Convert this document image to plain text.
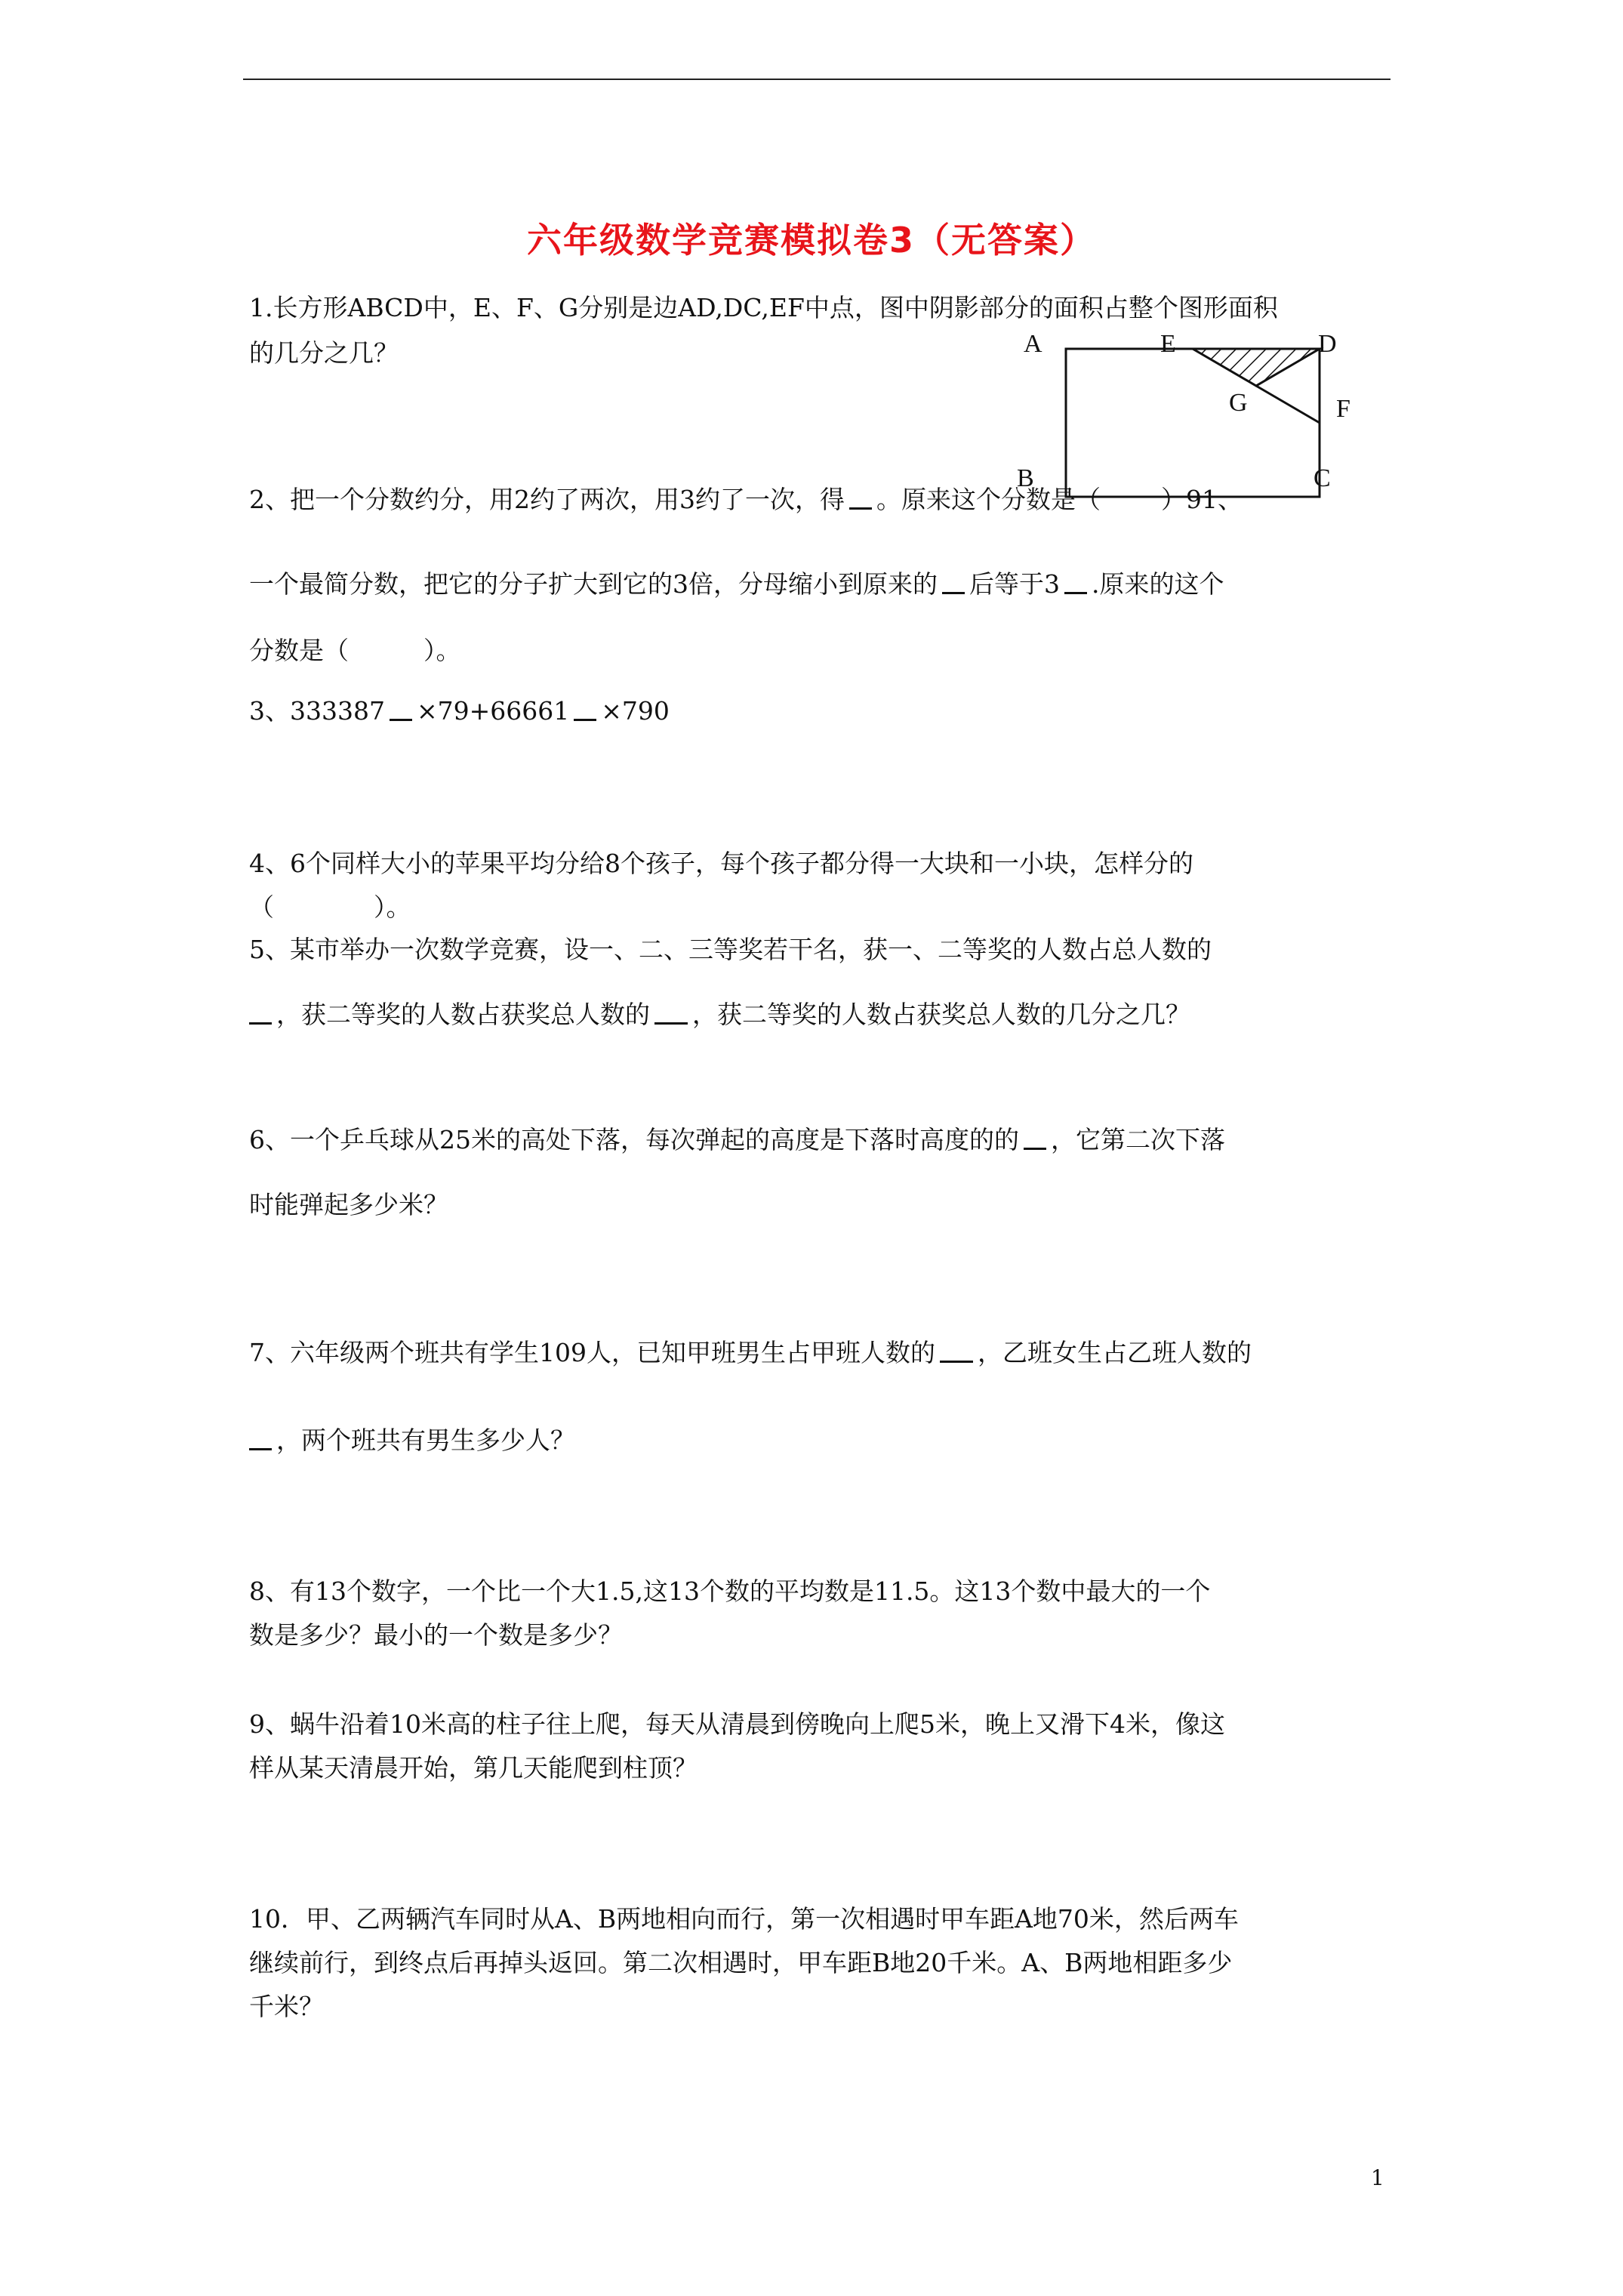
六年级数学竞赛模拟卷3（无答案）
1.长方形ABCD中，E、F、G分别是边AD,DC,EF中点，图中阴影部分的面积占整个图形面积
的几分之几？	A	E	D
G	F
B	C
2、把一个分数约分，用2约了两次，用3约了一次，得 。原来这个分数是（ ）91、
一个最简分数，把它的分子扩大到它的3倍，分母缩小到原来的 后等于3 .原来的这个
分数是（　　　）。
3、333387 ×79+66661 ×790
4、6个同样大小的苹果平均分给8个孩子，每个孩子都分得一大块和一小块，怎样分的
（　　　　）。
5、某市举办一次数学竞赛，设一、二、三等奖若干名，获一、二等奖的人数占总人数的
，获二等奖的人数占获奖总人数的 ，获二等奖的人数占获奖总人数的几分之几？
6、一个乒乓球从25米的高处下落，每次弹起的高度是下落时高度的的 ，它第二次下落
时能弹起多少米？
7、六年级两个班共有学生109人，已知甲班男生占甲班人数的 ，乙班女生占乙班人数的
，两个班共有男生多少人？
8、有13个数字，一个比一个大1.5,这13个数的平均数是11.5。这13个数中最大的一个
数是多少？最小的一个数是多少？
9、蜗牛沿着10米高的柱子往上爬，每天从清晨到傍晚向上爬5米，晚上又滑下4米，像这
样从某天清晨开始，第几天能爬到柱顶？
10．甲、乙两辆汽车同时从A、B两地相向而行，第一次相遇时甲车距A地70米，然后两车
继续前行，到终点后再掉头返回。第二次相遇时，甲车距B地20千米。A、B两地相距多少
千米？
1
